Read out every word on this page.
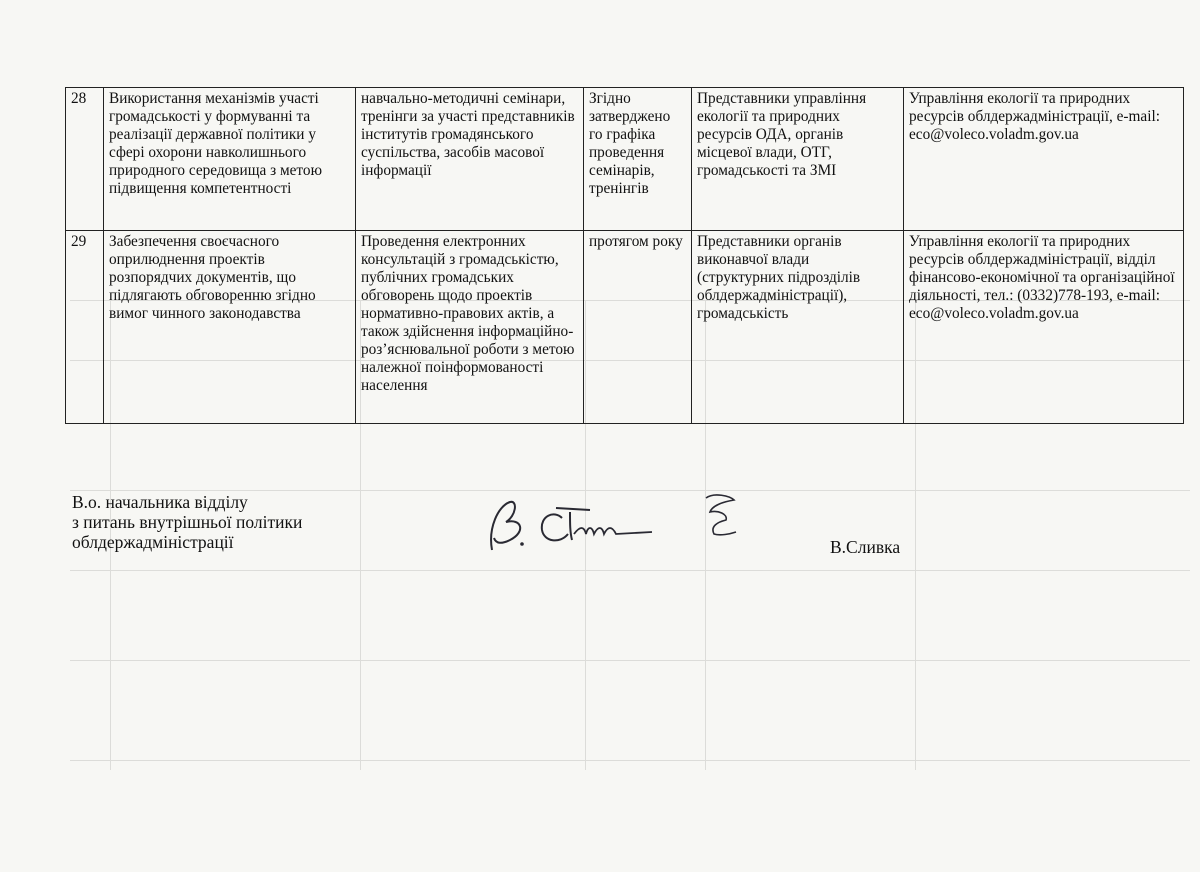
28	Використання механізмів участі громадськості у формуванні та реалізації державної політики у сфері охорони навколишнього природного середовища з метою підвищення компетентності	навчально-методичні семінари, тренінги за участі представників інститутів громадянського суспільства, засобів масової інформації	Згідно затверджено го графіка проведення семінарів, тренінгів	Представники управління екології та природних ресурсів ОДА, органів місцевої влади, ОТГ, громадськості та ЗМІ	Управління екології та природних ресурсів облдержадміністрації, e-mail: eco@voleco.voladm.gov.ua
29	Забезпечення своєчасного оприлюднення проектів розпорядчих документів, що підлягають обговоренню згідно вимог чинного законодавства	Проведення електронних консультацій з громадськістю, публічних громадських обговорень щодо проектів нормативно-правових актів, а також здійснення інформаційно-роз’яснювальної роботи з метою належної поінформованості населення	протягом року	Представники органів виконавчої влади (структурних підрозділів облдержадміністрації), громадськість	Управління екології та природних ресурсів облдержадміністрації, відділ фінансово-економічної та організаційної діяльності, тел.: (0332)778-193, e-mail: eco@voleco.voladm.gov.ua
В.о. начальника відділу
з питань внутрішньої політики
облдержадміністрації	В.Сливка
